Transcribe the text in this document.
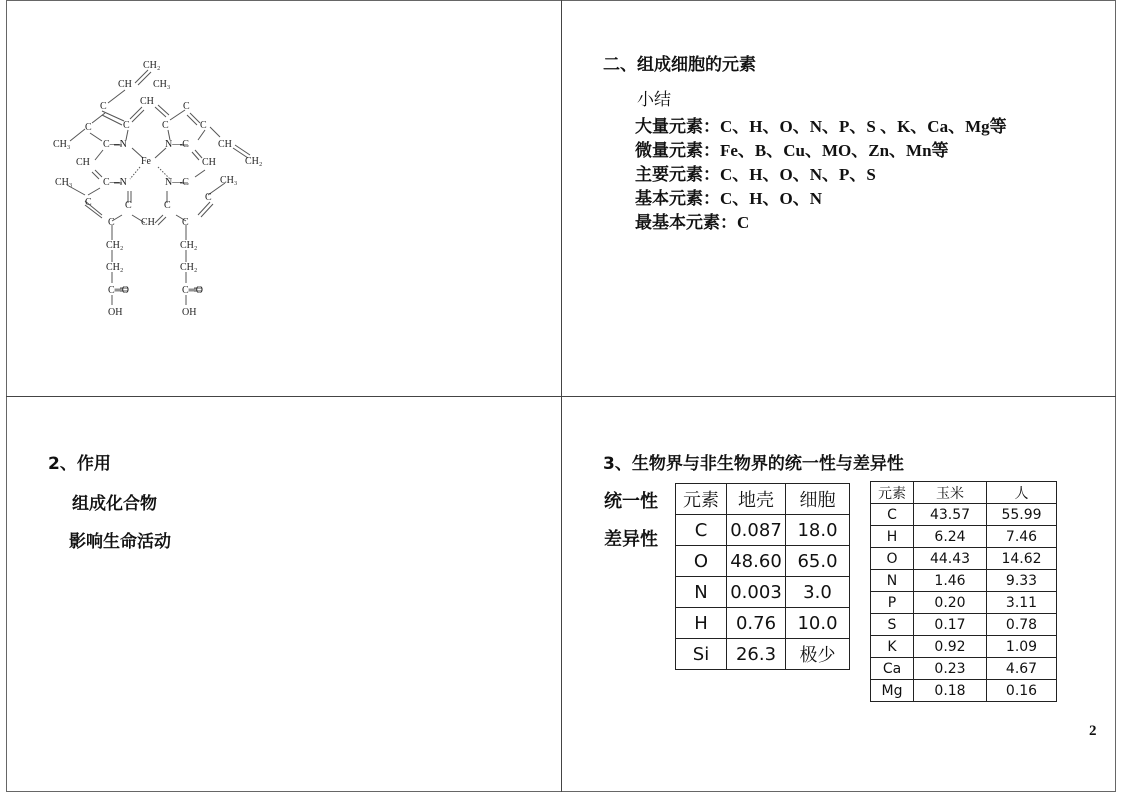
CH₂
CH CH₃
C	CH	C
C
C	C	C
CH₃	C—N	N—C	CH
CH₂
CH	Fe	CH
CH₃	C—N	N—C	CH₃
C	C	C
C
C	CH	C
CH₂	CH₂
CH₂	CH₂
C═O	C═O
OH	OH
二、组成细胞的元素
小结
大量元素：C、H、O、N、P、S 、K、Ca、Mg等
微量元素：Fe、B、Cu、MO、Zn、Mn等
主要元素：C、H、O、N、P、S
基本元素：C、H、O、N
最基本元素：C
2、作用
组成化合物
影响生命活动
3、生物界与非生物界的统一性与差异性
统一性
差异性
元素	地壳	细胞
C	0.087	18.0
O	48.60	65.0
N	0.003	3.0
H	0.76	10.0
Si	26.3	极少
元素	玉米	人
C	43.57	55.99
H	6.24	7.46
O	44.43	14.62
N	1.46	9.33
P	0.20	3.11
S	0.17	0.78
K	0.92	1.09
Ca	0.23	4.67
Mg	0.18	0.16
2
